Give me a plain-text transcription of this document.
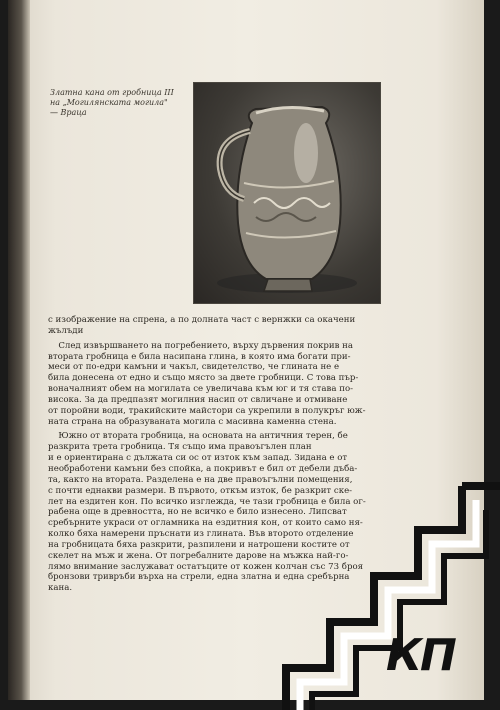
Златна кана от гробница III
на „Могилянската могила"
— Враца
с изображение на спрена, а по долната част с вернжки са окачени
жълъди
След извършването на погребението, върху дървения покрив на
втората гробница е била насипана глина, в която има богати при-
меси от по-едри камъни и чакъл, свидетелство, че глината не е
била донесена от едно и също място за двете гробници. С това пър-
воначалният обем на могилата се увеличава към юг и тя става по-
висока. За да предпазят могилния насип от свличане и отмиване
от поройни води, тракийските майстори са укрепили в полукръг юж-
ната страна на образуваната могила с масивна каменна стена.
Южно от втората гробница, на основата на античния терен, бе
разкрита трета гробница. Тя също има правоъгълен план
и е ориентирана с дължата си ос от изток към запад. Зидана е от
необработени камъни без спойка, а покривът е бил от дебели дъба-
та, както на втората. Разделена е на две правоъгълни помещения,
с почти еднакви размери. В първото, откъм изток, бе разкрит ске-
лет на ездитен кон. По всичко изглежда, че тази гробница е била ог-
рабена още в древността, но не всичко е било изнесено. Липсват
сребърните украси от огламника на ездитния кон, от които само ня-
колко бяха намерени пръснати из глината. Във второто отделение
на гробницата бяха разкрити, разпилени и натрошени костите от
скелет на мъж и жена. От погребалните дарове на мъжка най-го-
лямо внимание заслужават остатъците от кожен колчан със 73 броя
бронзови тривръби върха на стрели, една златна и една сребърна
кана.
КП
